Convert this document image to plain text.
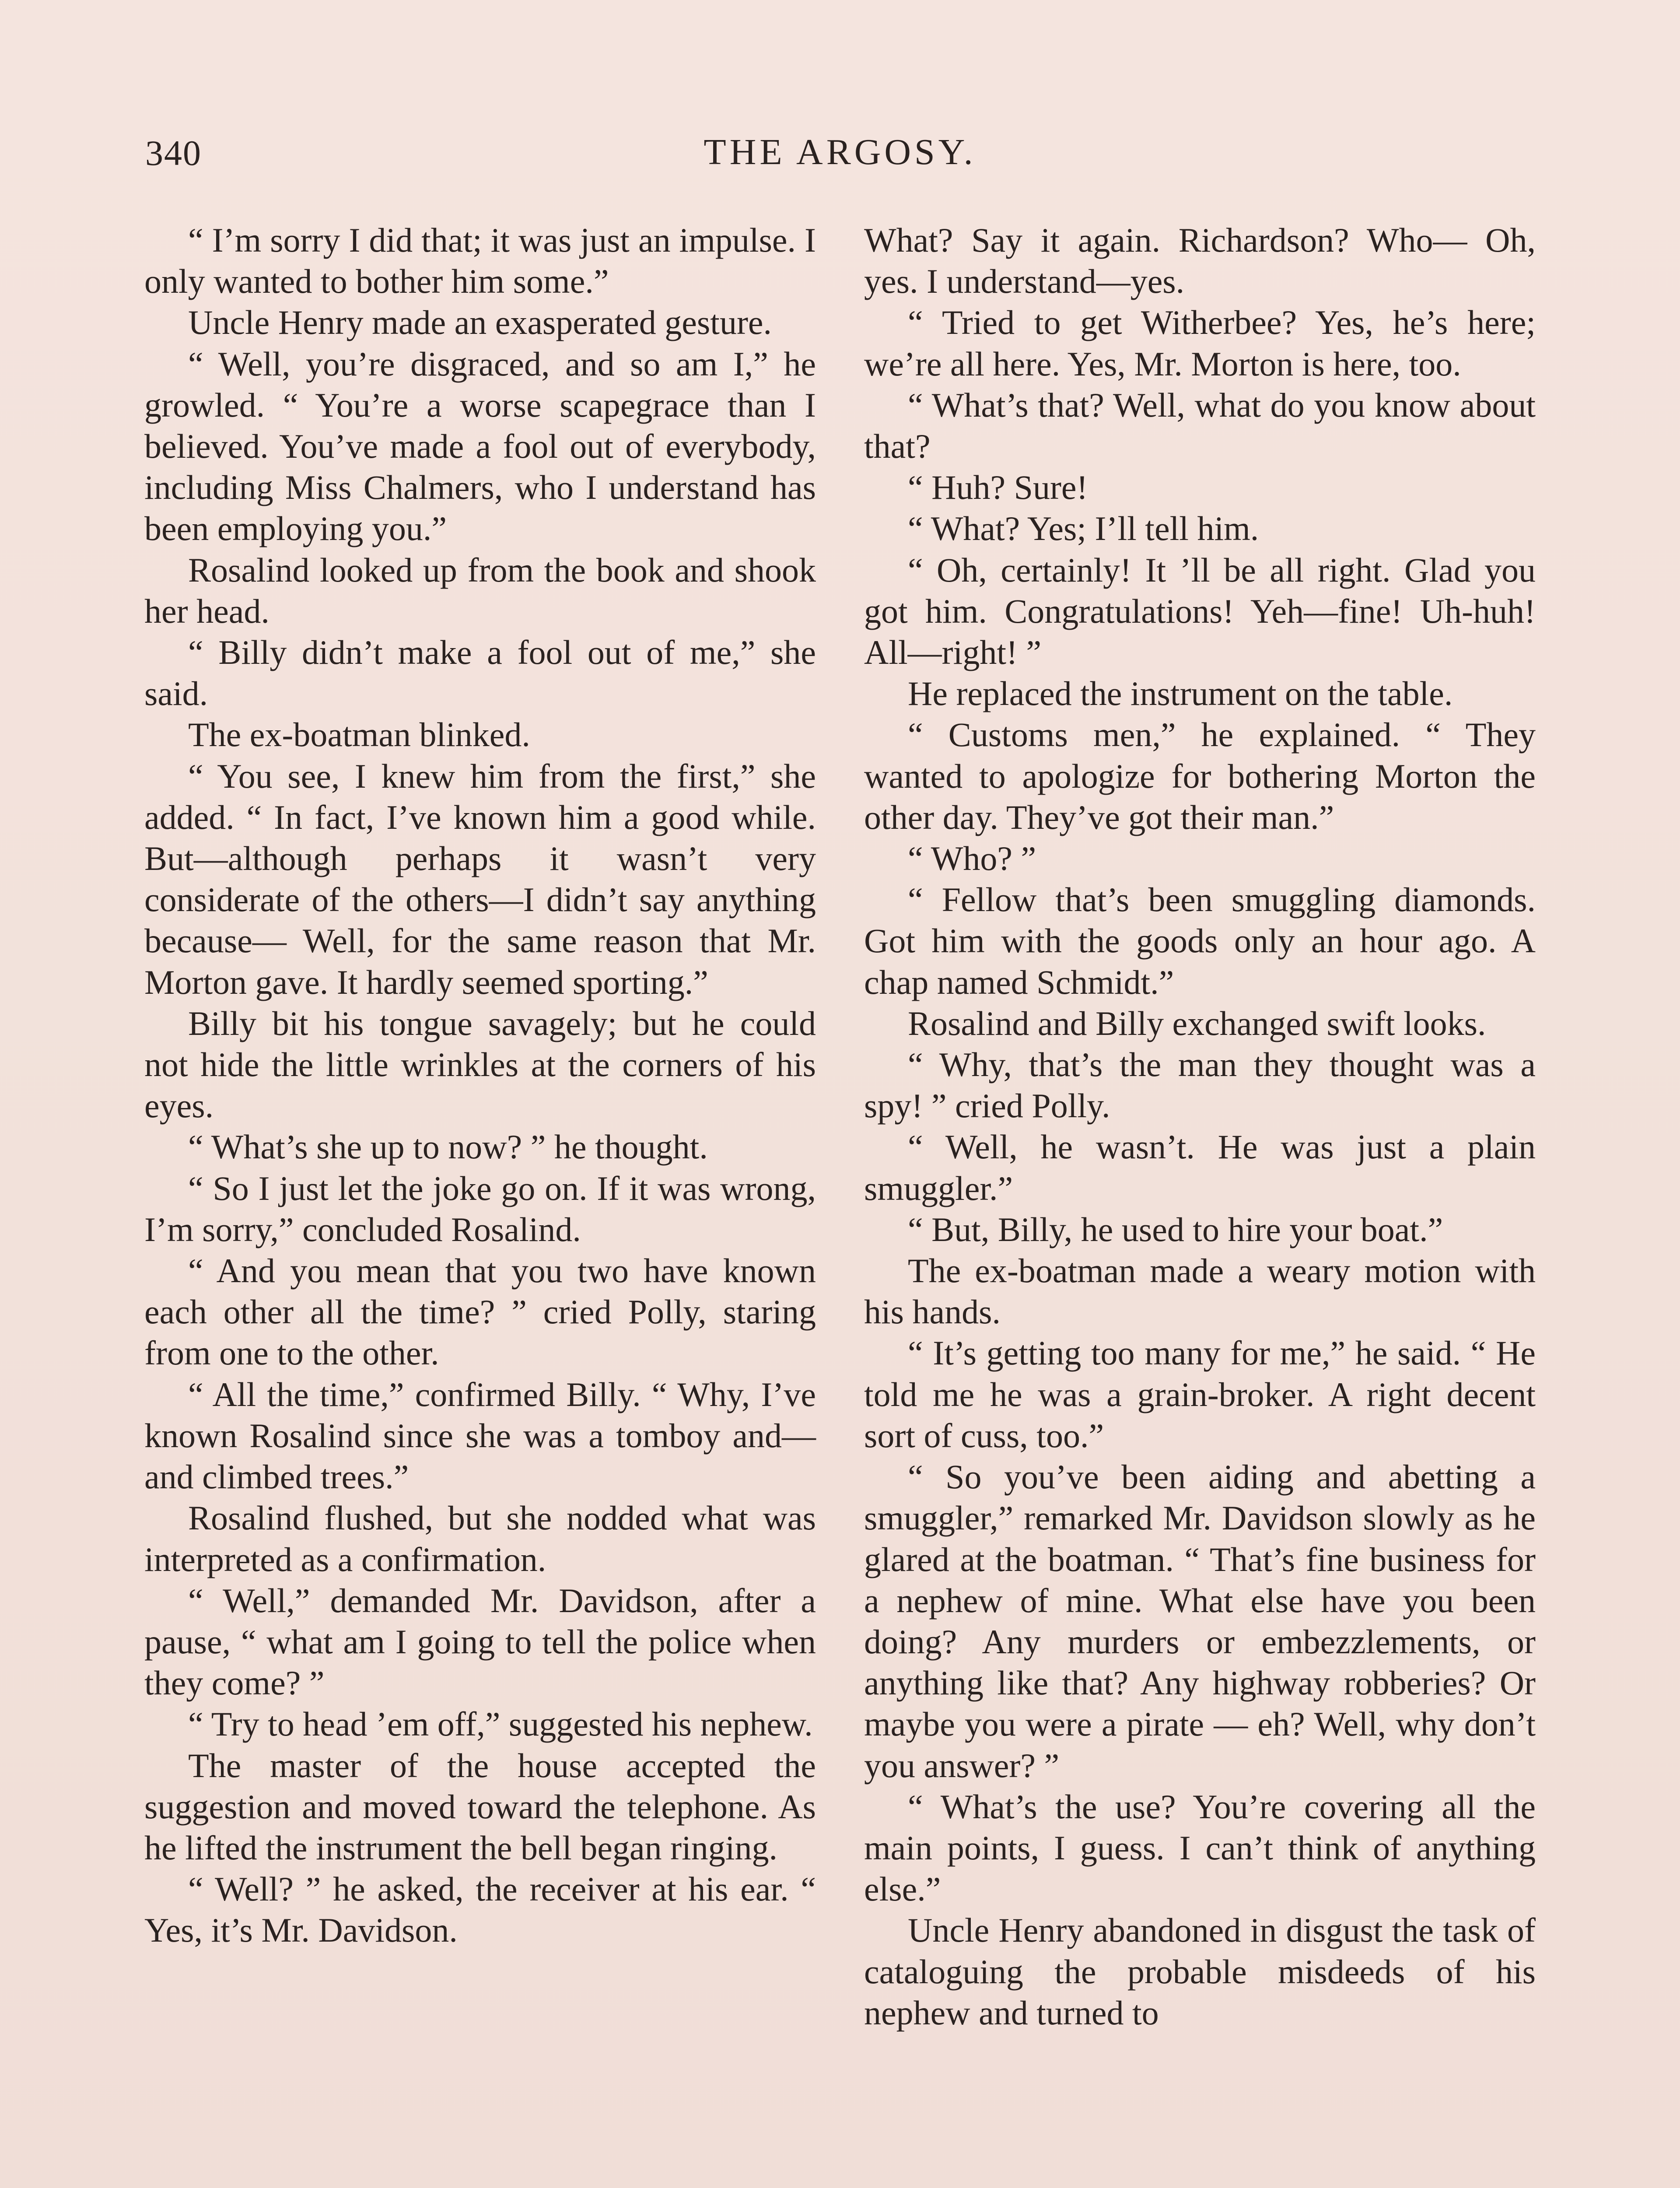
340	THE ARGOSY.

“ I’m sorry I did that; it was just an impulse. I only wanted to bother him some.”

Uncle Henry made an exasperated gesture.

“ Well, you’re disgraced, and so am I,” he growled. “ You’re a worse scapegrace than I believed. You’ve made a fool out of everybody, including Miss Chalmers, who I understand has been employing you.”

Rosalind looked up from the book and shook her head.

“ Billy didn’t make a fool out of me,” she said.

The ex-boatman blinked.

“ You see, I knew him from the first,” she added. “ In fact, I’ve known him a good while. But—although perhaps it wasn’t very considerate of the others—I didn’t say anything because— Well, for the same reason that Mr. Morton gave. It hardly seemed sporting.”

Billy bit his tongue savagely; but he could not hide the little wrinkles at the corners of his eyes.

“ What’s she up to now? ” he thought.

“ So I just let the joke go on. If it was wrong, I’m sorry,” concluded Rosalind.

“ And you mean that you two have known each other all the time? ” cried Polly, staring from one to the other.

“ All the time,” confirmed Billy. “ Why, I’ve known Rosalind since she was a tomboy and—and climbed trees.”

Rosalind flushed, but she nodded what was interpreted as a confirmation.

“ Well,” demanded Mr. Davidson, after a pause, “ what am I going to tell the police when they come? ”

“ Try to head ’em off,” suggested his nephew.

The master of the house accepted the suggestion and moved toward the telephone. As he lifted the instrument the bell began ringing.

“ Well? ” he asked, the receiver at his ear. “ Yes, it’s Mr. Davidson.

What? Say it again. Richardson? Who— Oh, yes. I understand—yes.

“ Tried to get Witherbee? Yes, he’s here; we’re all here. Yes, Mr. Morton is here, too.

“ What’s that? Well, what do you know about that?

“ Huh? Sure!

“ What? Yes; I’ll tell him.

“ Oh, certainly! It ’ll be all right. Glad you got him. Congratulations! Yeh—fine! Uh-huh! All—right! ”

He replaced the instrument on the table.

“ Customs men,” he explained. “ They wanted to apologize for bothering Morton the other day. They’ve got their man.”

“ Who? ”

“ Fellow that’s been smuggling diamonds. Got him with the goods only an hour ago. A chap named Schmidt.”

Rosalind and Billy exchanged swift looks.

“ Why, that’s the man they thought was a spy! ” cried Polly.

“ Well, he wasn’t. He was just a plain smuggler.”

“ But, Billy, he used to hire your boat.”

The ex-boatman made a weary motion with his hands.

“ It’s getting too many for me,” he said. “ He told me he was a grain-broker. A right decent sort of cuss, too.”

“ So you’ve been aiding and abetting a smuggler,” remarked Mr. Davidson slowly as he glared at the boatman. “ That’s fine business for a nephew of mine. What else have you been doing? Any murders or embezzlements, or anything like that? Any highway robberies? Or maybe you were a pirate — eh? Well, why don’t you answer? ”

“ What’s the use? You’re covering all the main points, I guess. I can’t think of anything else.”

Uncle Henry abandoned in disgust the task of cataloguing the probable misdeeds of his nephew and turned to
